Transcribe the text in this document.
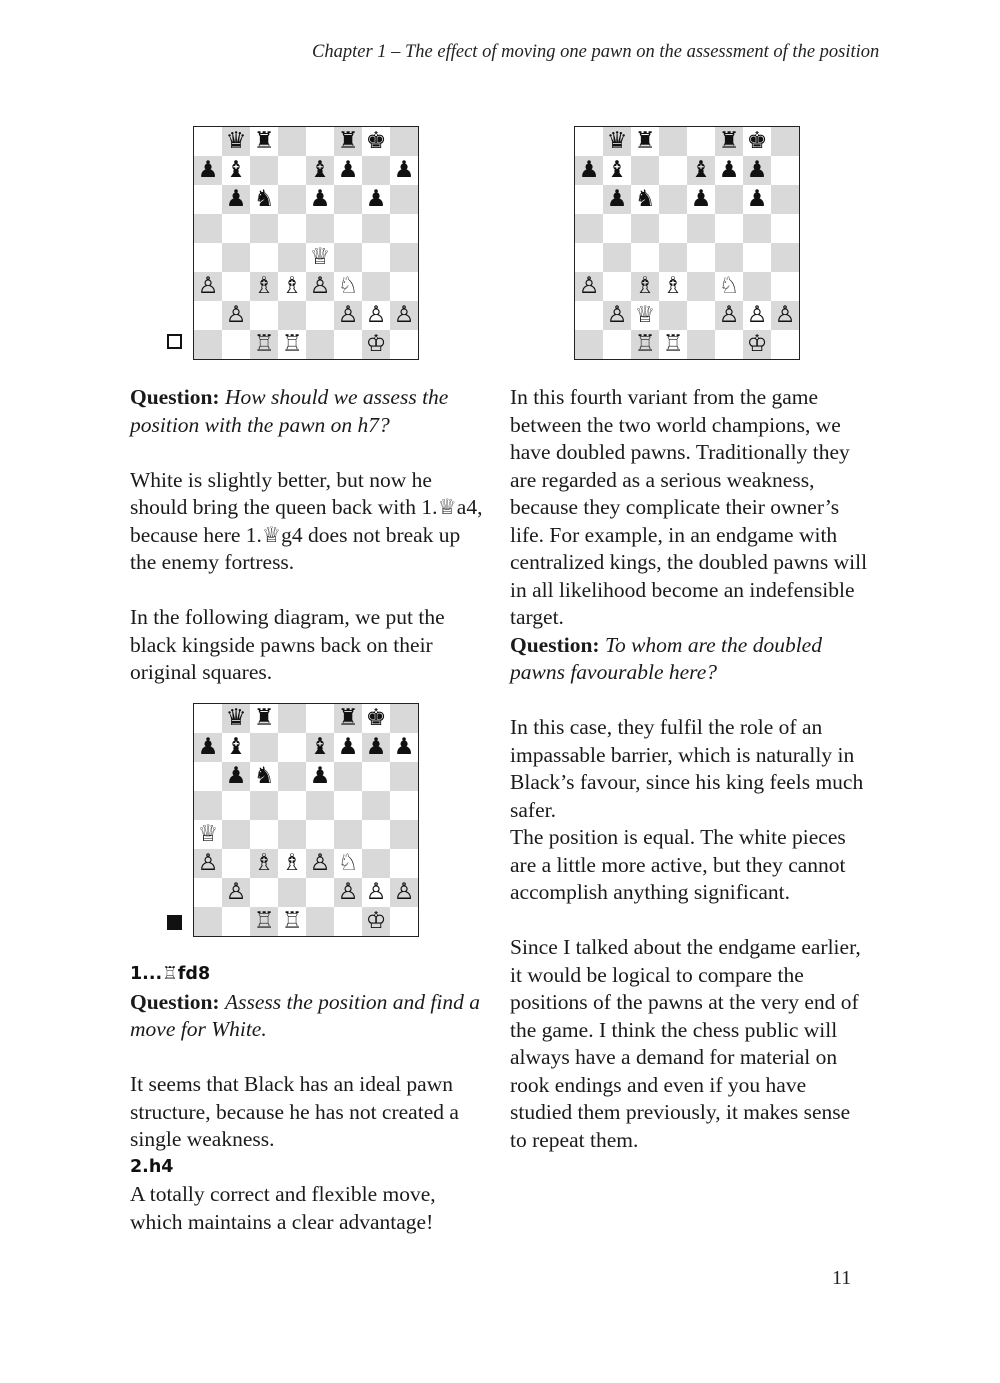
Chapter 1 – The effect of moving one pawn on the assessment of the position
♛︎ ♜︎	♜︎ ♚︎
♟︎ ♝︎	♝︎ ♟︎ ♟︎
♟︎ ♞︎ ♟︎ ♟︎
♕︎
♙︎ ♗︎ ♗︎ ♙︎ ♘︎
♙︎	♙︎ ♙︎ ♙︎
♖︎ ♖︎	♔︎
♛︎ ♜︎	♜︎ ♚︎
♟︎ ♝︎	♝︎ ♟︎ ♟︎ ♟︎
♟︎ ♞︎ ♟︎
♕︎
♙︎ ♗︎ ♗︎ ♙︎ ♘︎
♙︎	♙︎ ♙︎ ♙︎
♖︎ ♖︎	♔︎
♛︎ ♜︎	♜︎ ♚︎
♟︎ ♝︎	♝︎ ♟︎ ♟︎
♟︎ ♞︎ ♟︎ ♟︎
♙︎ ♗︎ ♗︎ ♘︎
♙︎ ♕︎	♙︎ ♙︎ ♙︎
♖︎ ♖︎	♔︎

Question: How should we assess the position with the pawn on h7?

White is slightly better, but now he should bring the queen back with 1.♕a4, because here 1.♕g4 does not break up the enemy fortress.

In the following diagram, we put the black kingside pawns back on their original squares.

1...♖fd8

Question: Assess the position and find a move for White.

It seems that Black has an ideal pawn structure, because he has not created a single weakness.

2.h4

A totally correct and flexible move, which maintains a clear advantage!

In this fourth variant from the game between the two world champions, we have doubled pawns. Traditionally they are regarded as a serious weakness, because they complicate their owner’s life. For example, in an endgame with centralized kings, the doubled pawns will in all likelihood become an indefensible target.

Question: To whom are the doubled pawns favourable here?

In this case, they fulfil the role of an impassable barrier, which is naturally in Black’s favour, since his king feels much safer.

The position is equal. The white pieces are a little more active, but they cannot accomplish anything significant.

Since I talked about the endgame earlier, it would be logical to compare the positions of the pawns at the very end of the game. I think the chess public will always have a demand for material on rook endings and even if you have studied them previously, it makes sense to repeat them.

11
